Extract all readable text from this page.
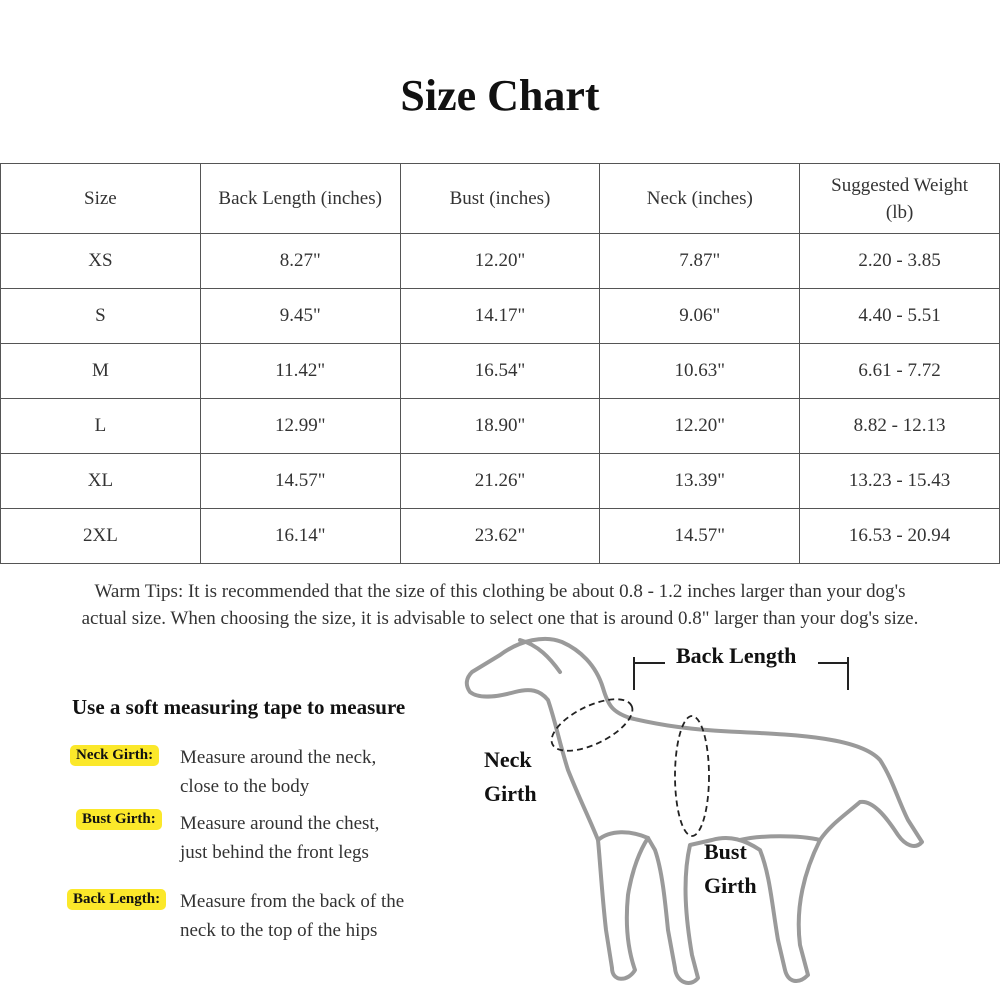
Size Chart
Size	Back Length (inches)	Bust (inches)	Neck (inches)	Suggested Weight (lb)
XS	8.27"	12.20"	7.87"	2.20 - 3.85
S	9.45"	14.17"	9.06"	4.40 - 5.51
M	11.42"	16.54"	10.63"	6.61 - 7.72
L	12.99"	18.90"	12.20"	8.82 - 12.13
XL	14.57"	21.26"	13.39"	13.23 - 15.43
2XL	16.14"	23.62"	14.57"	16.53 - 20.94
Warm Tips: It is recommended that the size of this clothing be about 0.8 - 1.2 inches larger than your dog's
actual size. When choosing the size, it is advisable to select one that is around 0.8" larger than your dog's size.
Use a soft measuring tape to measure
Neck Girth:	Measure around the neck,
close to the body
Bust Girth:	Measure around the chest,
just behind the front legs
Back Length:	Measure from the back of the
neck to the top of the hips
Back Length
Neck
Girth
Bust
Girth
